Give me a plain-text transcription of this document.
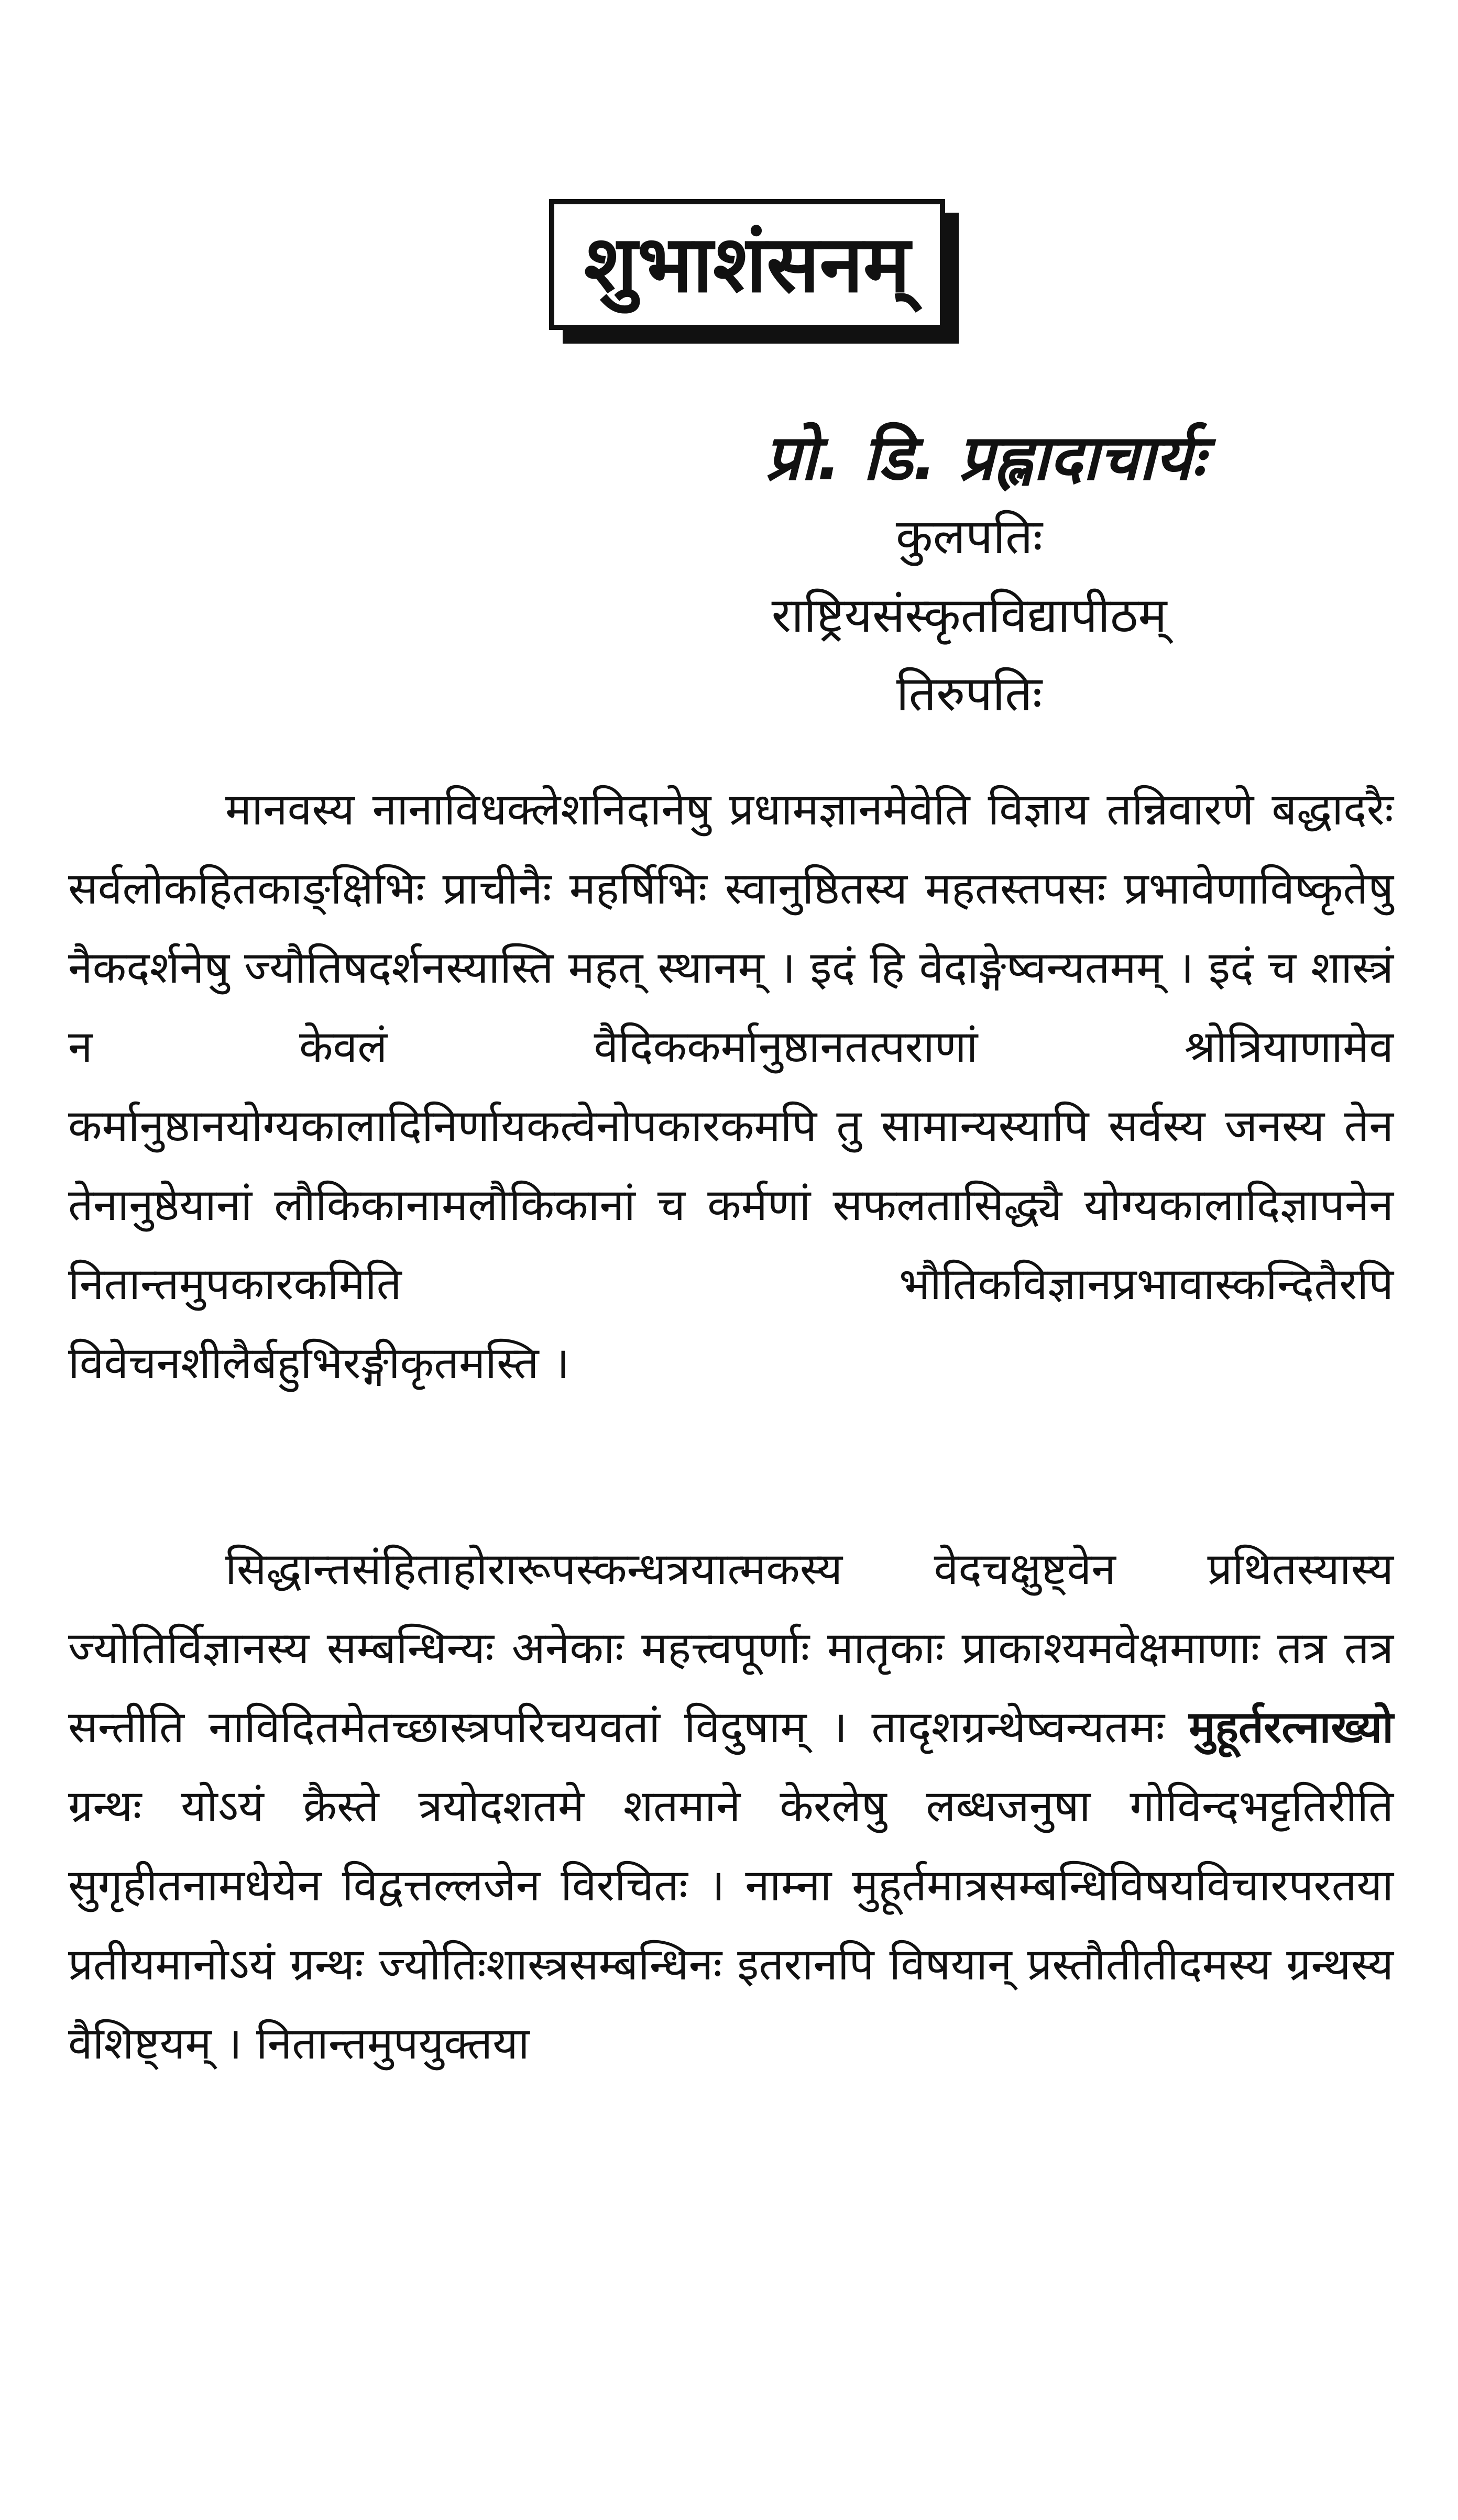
शुभाशंसनम्
प्रो. डि. प्रह्लादाचार्यः
कुलपतिः
राष्ट्रियसंस्कृतविद्यापीठम्
तिरुपतिः
मानवस्य नानाविधक्लेशनिदानेषु प्रधामज्ञानमेवेति विज्ञाय तन्निवारणे बद्धादरैः सर्वलोकहितकाङ्क्षिभिः प्राचीनैः महर्षिभिः स्वानुष्ठितस्य महतस्तपसः प्रभावेणाविष्कृतेषु नैकदर्शनेषु ज्यौतिषदर्शनस्यास्ति महत् स्थानम् । इदं हि वेदाङ्गेष्वन्यतमम् । इदं च शास्त्रं न केवलं वैदिककर्मानुष्ठानतत्पराणां श्रोत्रियाणामेव कर्मानुष्ठानयोग्यकालादिनिर्णायकत्वेनोपकारकमपि तु सामान्यस्यापि सर्वस्य जनस्य तेन तेनानुष्ठेयानां लौकिकानामलौकिकानां च कर्मणां सफलतासिद्ध्यै योग्यकालादिज्ञापनेन नितान्तमुपकारकमिति भौतिकविज्ञानप्रभावास्कन्दितैरपि विवेचनशीलैर्बहुभिरङ्गीकृतमस्ति ।
सिद्धान्तसंहिताहोरारूपस्कन्धत्रयात्मकस्य वेदचक्षुष्ट्वेन प्रथितस्यास्य ज्योतिर्विज्ञानस्य सम्बन्धिन्यः अनेकाः महत्त्वपूर्णाः मातृकाः प्राकाश्यमवेक्षमाणाः तत्र तत्र सन्तीति नाविदितमेतच्छास्त्रपरिचयवतां विदुषाम् । तादृशग्रन्थेष्वन्यतमः मुहूर्तरत्नाख्यो ग्रन्थः योऽयं क्रैस्ते त्रयोदशतमे शतमाने केरलेषु लब्धजनुषा गोविन्दभट्टतिरीति सुगृहीतनामधेयेन विद्वत्तल्लजेन विरचितः । नाम्ना मुहूर्तमात्रसम्बन्धिविषयविचारपरतया प्रतीयमानोऽयं ग्रन्थः ज्योतिःशास्त्रसम्बन्धिनः इतरानपि विषयान् प्रस्तौतीतीदमस्य ग्रन्थस्य वैशिष्ट्यम् । नितान्तमुपयुक्तया
